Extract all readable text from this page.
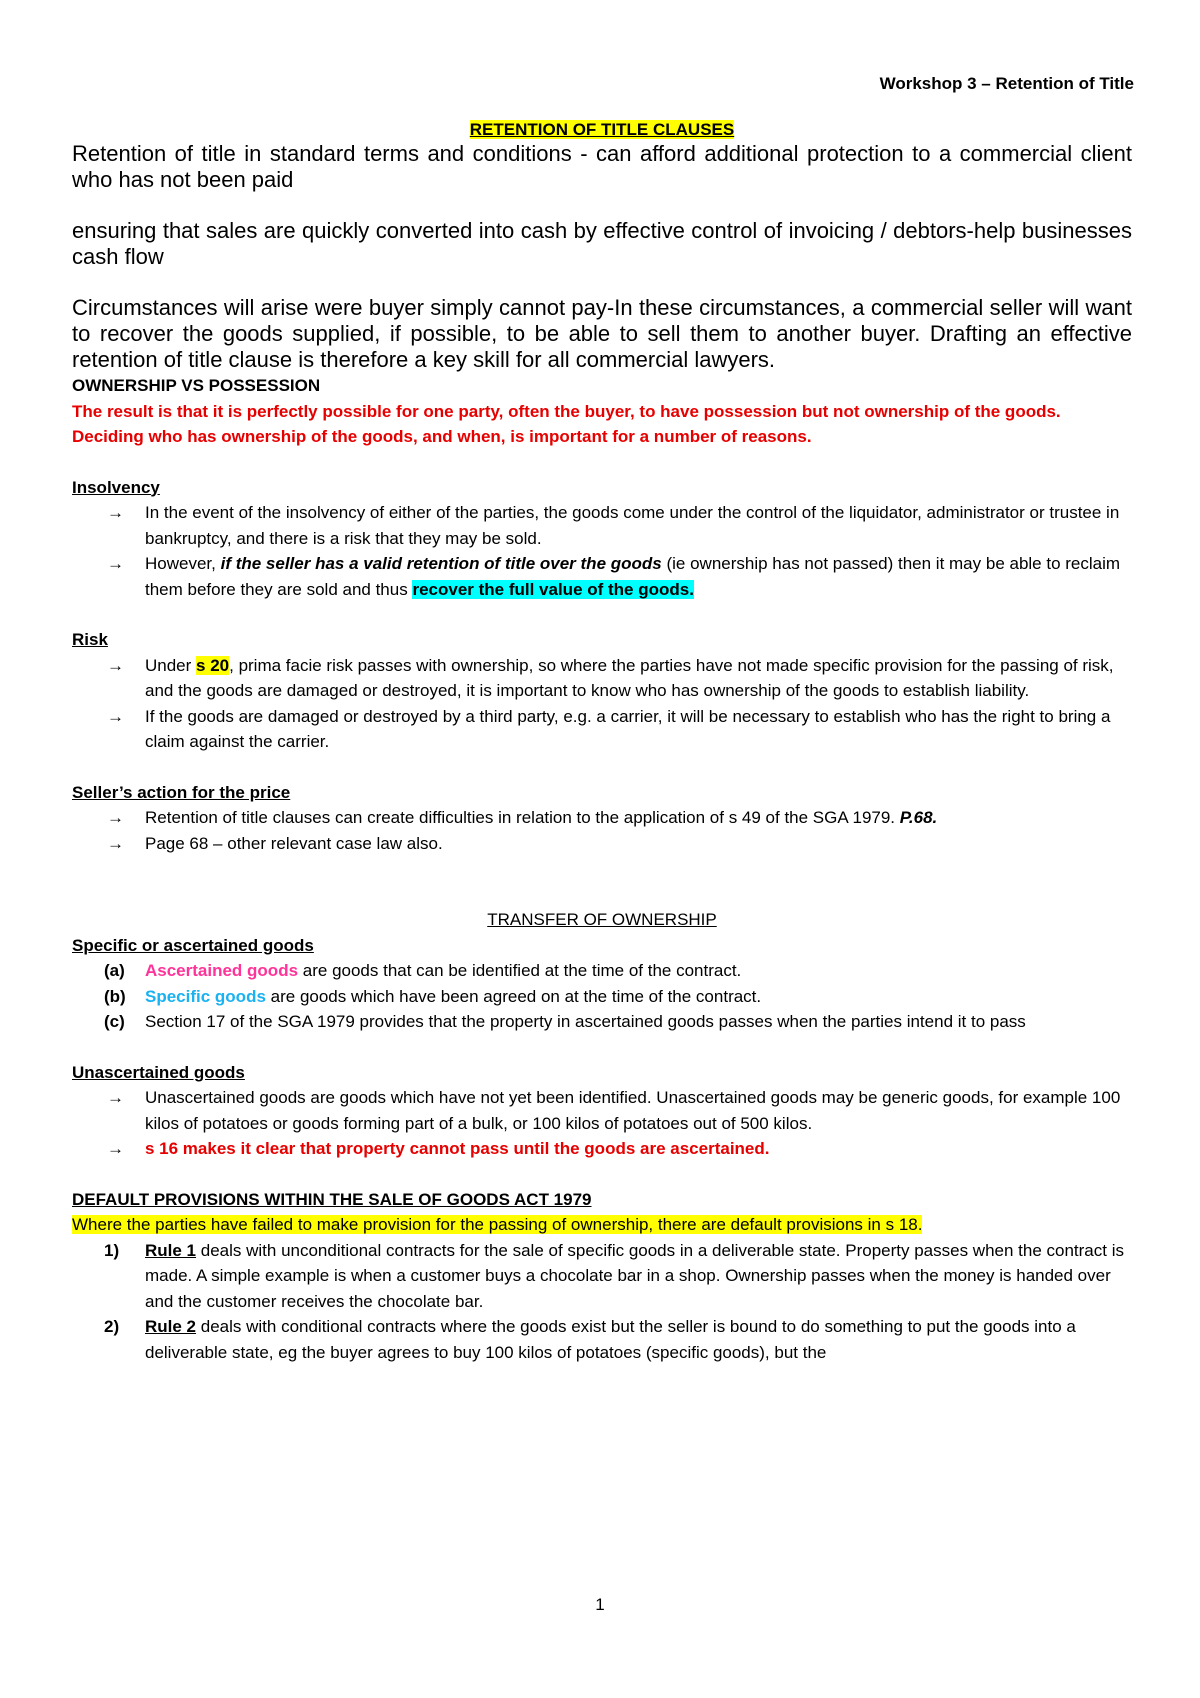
Workshop 3 – Retention of Title
RETENTION OF TITLE CLAUSES

Retention of title in standard terms and conditions - can afford additional protection to a commercial client who has not been paid

ensuring that sales are quickly converted into cash by effective control of invoicing / debtors-help businesses cash flow

Circumstances will arise were buyer simply cannot pay-In these circumstances, a commercial seller will want to recover the goods supplied, if possible, to be able to sell them to another buyer. Drafting an effective retention of title clause is therefore a key skill for all commercial lawyers.

OWNERSHIP VS POSSESSION

The result is that it is perfectly possible for one party, often the buyer, to have possession but not ownership of the goods. Deciding who has ownership of the goods, and when, is important for a number of reasons.

Insolvency

→ In the event of the insolvency of either of the parties, the goods come under the control of the liquidator, administrator or trustee in bankruptcy, and there is a risk that they may be sold.
→ However, if the seller has a valid retention of title over the goods (ie ownership has not passed) then it may be able to reclaim them before they are sold and thus recover the full value of the goods.

Risk

→ Under s 20, prima facie risk passes with ownership, so where the parties have not made specific provision for the passing of risk, and the goods are damaged or destroyed, it is important to know who has ownership of the goods to establish liability.
→ If the goods are damaged or destroyed by a third party, e.g. a carrier, it will be necessary to establish who has the right to bring a claim against the carrier.

Seller’s action for the price

→ Retention of title clauses can create difficulties in relation to the application of s 49 of the SGA 1979. P.68.
→ Page 68 – other relevant case law also.

TRANSFER OF OWNERSHIP

Specific or ascertained goods

(a) Ascertained goods are goods that can be identified at the time of the contract.
(b) Specific goods are goods which have been agreed on at the time of the contract.
(c) Section 17 of the SGA 1979 provides that the property in ascertained goods passes when the parties intend it to pass

Unascertained goods

→ Unascertained goods are goods which have not yet been identified. Unascertained goods may be generic goods, for example 100 kilos of potatoes or goods forming part of a bulk, or 100 kilos of potatoes out of 500 kilos.
→ s 16 makes it clear that property cannot pass until the goods are ascertained.

DEFAULT PROVISIONS WITHIN THE SALE OF GOODS ACT 1979

Where the parties have failed to make provision for the passing of ownership, there are default provisions in s 18.

1) Rule 1 deals with unconditional contracts for the sale of specific goods in a deliverable state. Property passes when the contract is made. A simple example is when a customer buys a chocolate bar in a shop. Ownership passes when the money is handed over and the customer receives the chocolate bar.
2) Rule 2 deals with conditional contracts where the goods exist but the seller is bound to do something to put the goods into a deliverable state, eg the buyer agrees to buy 100 kilos of potatoes (specific goods), but the
1
